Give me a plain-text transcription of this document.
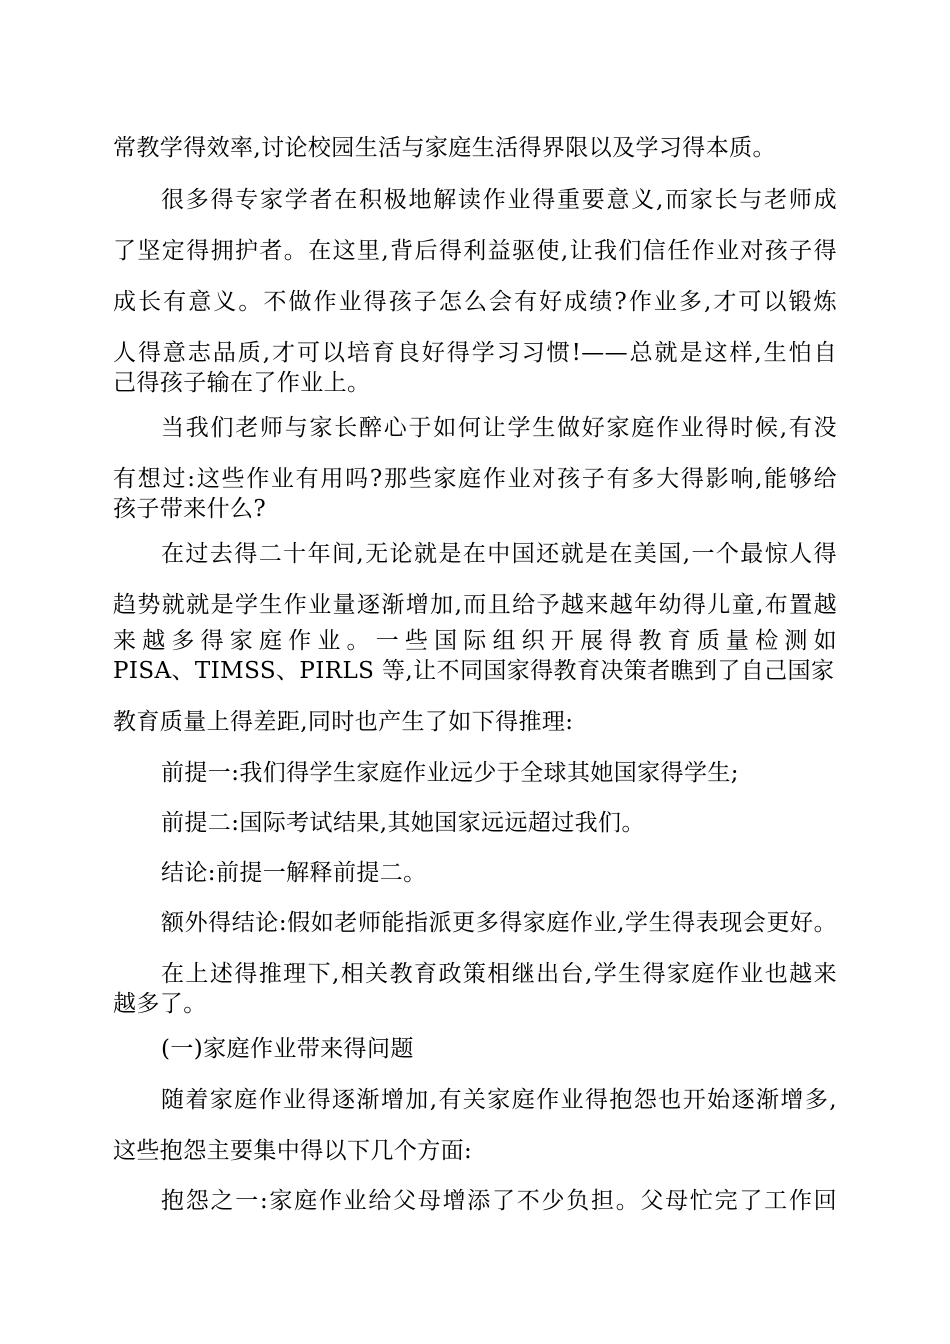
常教学得效率,讨论校园生活与家庭生活得界限以及学习得本质。
很多得专家学者在积极地解读作业得重要意义,而家长与老师成
了坚定得拥护者。在这里,背后得利益驱使,让我们信任作业对孩子得
成长有意义。不做作业得孩子怎么会有好成绩?作业多,才可以锻炼
人得意志品质,才可以培育良好得学习习惯!——总就是这样,生怕自
己得孩子输在了作业上。
当我们老师与家长醉心于如何让学生做好家庭作业得时候,有没
有想过:这些作业有用吗?那些家庭作业对孩子有多大得影响,能够给
孩子带来什么?
在过去得二十年间,无论就是在中国还就是在美国,一个最惊人得
趋势就就是学生作业量逐渐增加,而且给予越来越年幼得儿童,布置越
来越多得家庭作业。一些国际组织开展得教育质量检测如
PISA、TIMSS、PIRLS 等,让不同国家得教育决策者瞧到了自己国家
教育质量上得差距,同时也产生了如下得推理:
前提一:我们得学生家庭作业远少于全球其她国家得学生;
前提二:国际考试结果,其她国家远远超过我们。
结论:前提一解释前提二。
额外得结论:假如老师能指派更多得家庭作业,学生得表现会更好。
在上述得推理下,相关教育政策相继出台,学生得家庭作业也越来
越多了。
(一)家庭作业带来得问题
随着家庭作业得逐渐增加,有关家庭作业得抱怨也开始逐渐增多,
这些抱怨主要集中得以下几个方面:
抱怨之一:家庭作业给父母增添了不少负担。父母忙完了工作回
